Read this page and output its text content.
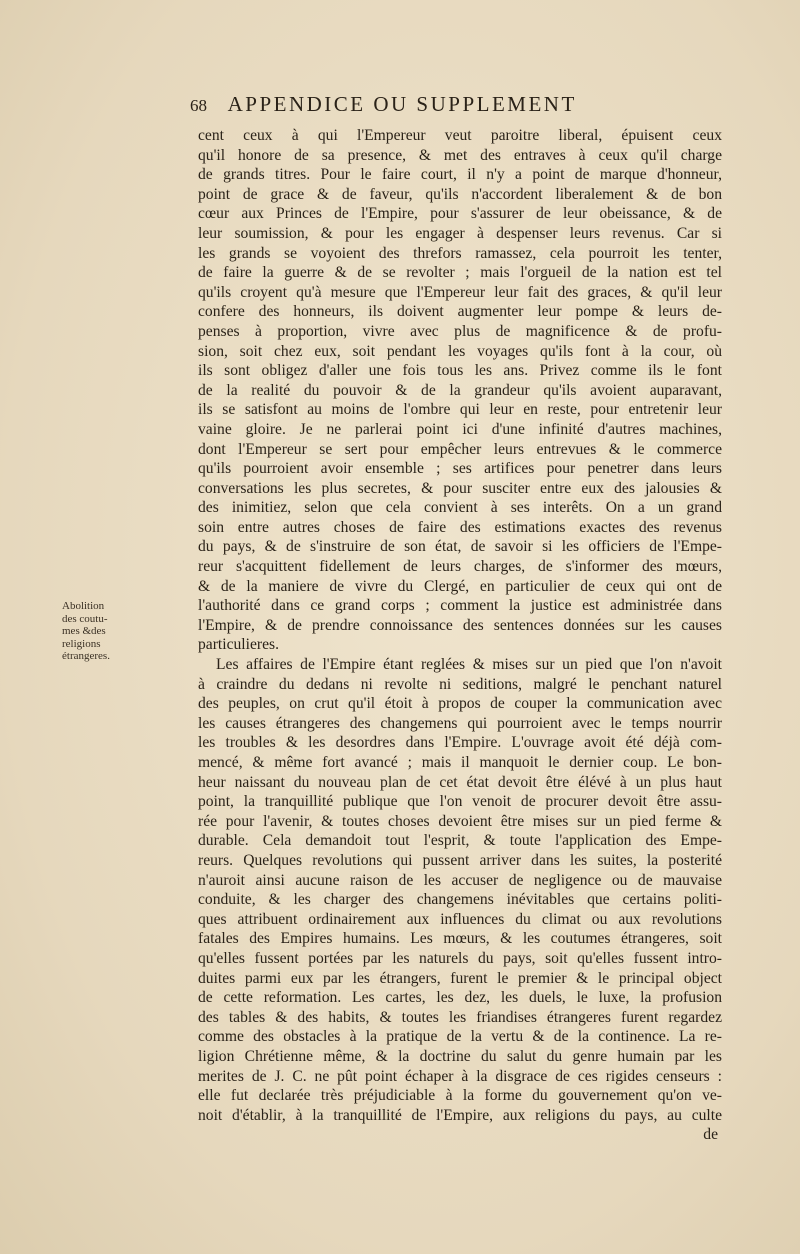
68 APPENDICE OU SUPPLEMENT
Abolition
des coutu-
mes &des
religions
étrangeres.
cent ceux à qui l'Empereur veut paroitre liberal, épuisent ceux
qu'il honore de sa presence, & met des entraves à ceux qu'il charge
de grands titres. Pour le faire court, il n'y a point de marque d'honneur,
point de grace & de faveur, qu'ils n'accordent liberalement & de bon
cœur aux Princes de l'Empire, pour s'assurer de leur obeissance, & de
leur soumission, & pour les engager à despenser leurs revenus. Car si
les grands se voyoient des threfors ramassez, cela pourroit les tenter,
de faire la guerre & de se revolter ; mais l'orgueil de la nation est tel
qu'ils croyent qu'à mesure que l'Empereur leur fait des graces, & qu'il leur
confere des honneurs, ils doivent augmenter leur pompe & leurs de-
penses à proportion, vivre avec plus de magnificence & de profu-
sion, soit chez eux, soit pendant les voyages qu'ils font à la cour, où
ils sont obligez d'aller une fois tous les ans. Privez comme ils le font
de la realité du pouvoir & de la grandeur qu'ils avoient auparavant,
ils se satisfont au moins de l'ombre qui leur en reste, pour entretenir leur
vaine gloire. Je ne parlerai point ici d'une infinité d'autres machines,
dont l'Empereur se sert pour empêcher leurs entrevues & le commerce
qu'ils pourroient avoir ensemble ; ses artifices pour penetrer dans leurs
conversations les plus secretes, & pour susciter entre eux des jalousies &
des inimitiez, selon que cela convient à ses interêts. On a un grand
soin entre autres choses de faire des estimations exactes des revenus
du pays, & de s'instruire de son état, de savoir si les officiers de l'Empe-
reur s'acquittent fidellement de leurs charges, de s'informer des mœurs,
& de la maniere de vivre du Clergé, en particulier de ceux qui ont de
l'authorité dans ce grand corps ; comment la justice est administrée dans
l'Empire, & de prendre connoissance des sentences données sur les causes
particulieres.
Les affaires de l'Empire étant reglées & mises sur un pied que l'on n'avoit
à craindre du dedans ni revolte ni seditions, malgré le penchant naturel
des peuples, on crut qu'il étoit à propos de couper la communication avec
les causes étrangeres des changemens qui pourroient avec le temps nourrir
les troubles & les desordres dans l'Empire. L'ouvrage avoit été déjà com-
mencé, & même fort avancé ; mais il manquoit le dernier coup. Le bon-
heur naissant du nouveau plan de cet état devoit être élévé à un plus haut
point, la tranquillité publique que l'on venoit de procurer devoit être assu-
rée pour l'avenir, & toutes choses devoient être mises sur un pied ferme &
durable. Cela demandoit tout l'esprit, & toute l'application des Empe-
reurs. Quelques revolutions qui pussent arriver dans les suites, la posterité
n'auroit ainsi aucune raison de les accuser de negligence ou de mauvaise
conduite, & les charger des changemens inévitables que certains politi-
ques attribuent ordinairement aux influences du climat ou aux revolutions
fatales des Empires humains. Les mœurs, & les coutumes étrangeres, soit
qu'elles fussent portées par les naturels du pays, soit qu'elles fussent intro-
duites parmi eux par les étrangers, furent le premier & le principal object
de cette reformation. Les cartes, les dez, les duels, le luxe, la profusion
des tables & des habits, & toutes les friandises étrangeres furent regardez
comme des obstacles à la pratique de la vertu & de la continence. La re-
ligion Chrétienne même, & la doctrine du salut du genre humain par les
merites de J. C. ne pût point échaper à la disgrace de ces rigides censeurs :
elle fut declarée très préjudiciable à la forme du gouvernement qu'on ve-
noit d'établir, à la tranquillité de l'Empire, aux religions du pays, au culte
de
